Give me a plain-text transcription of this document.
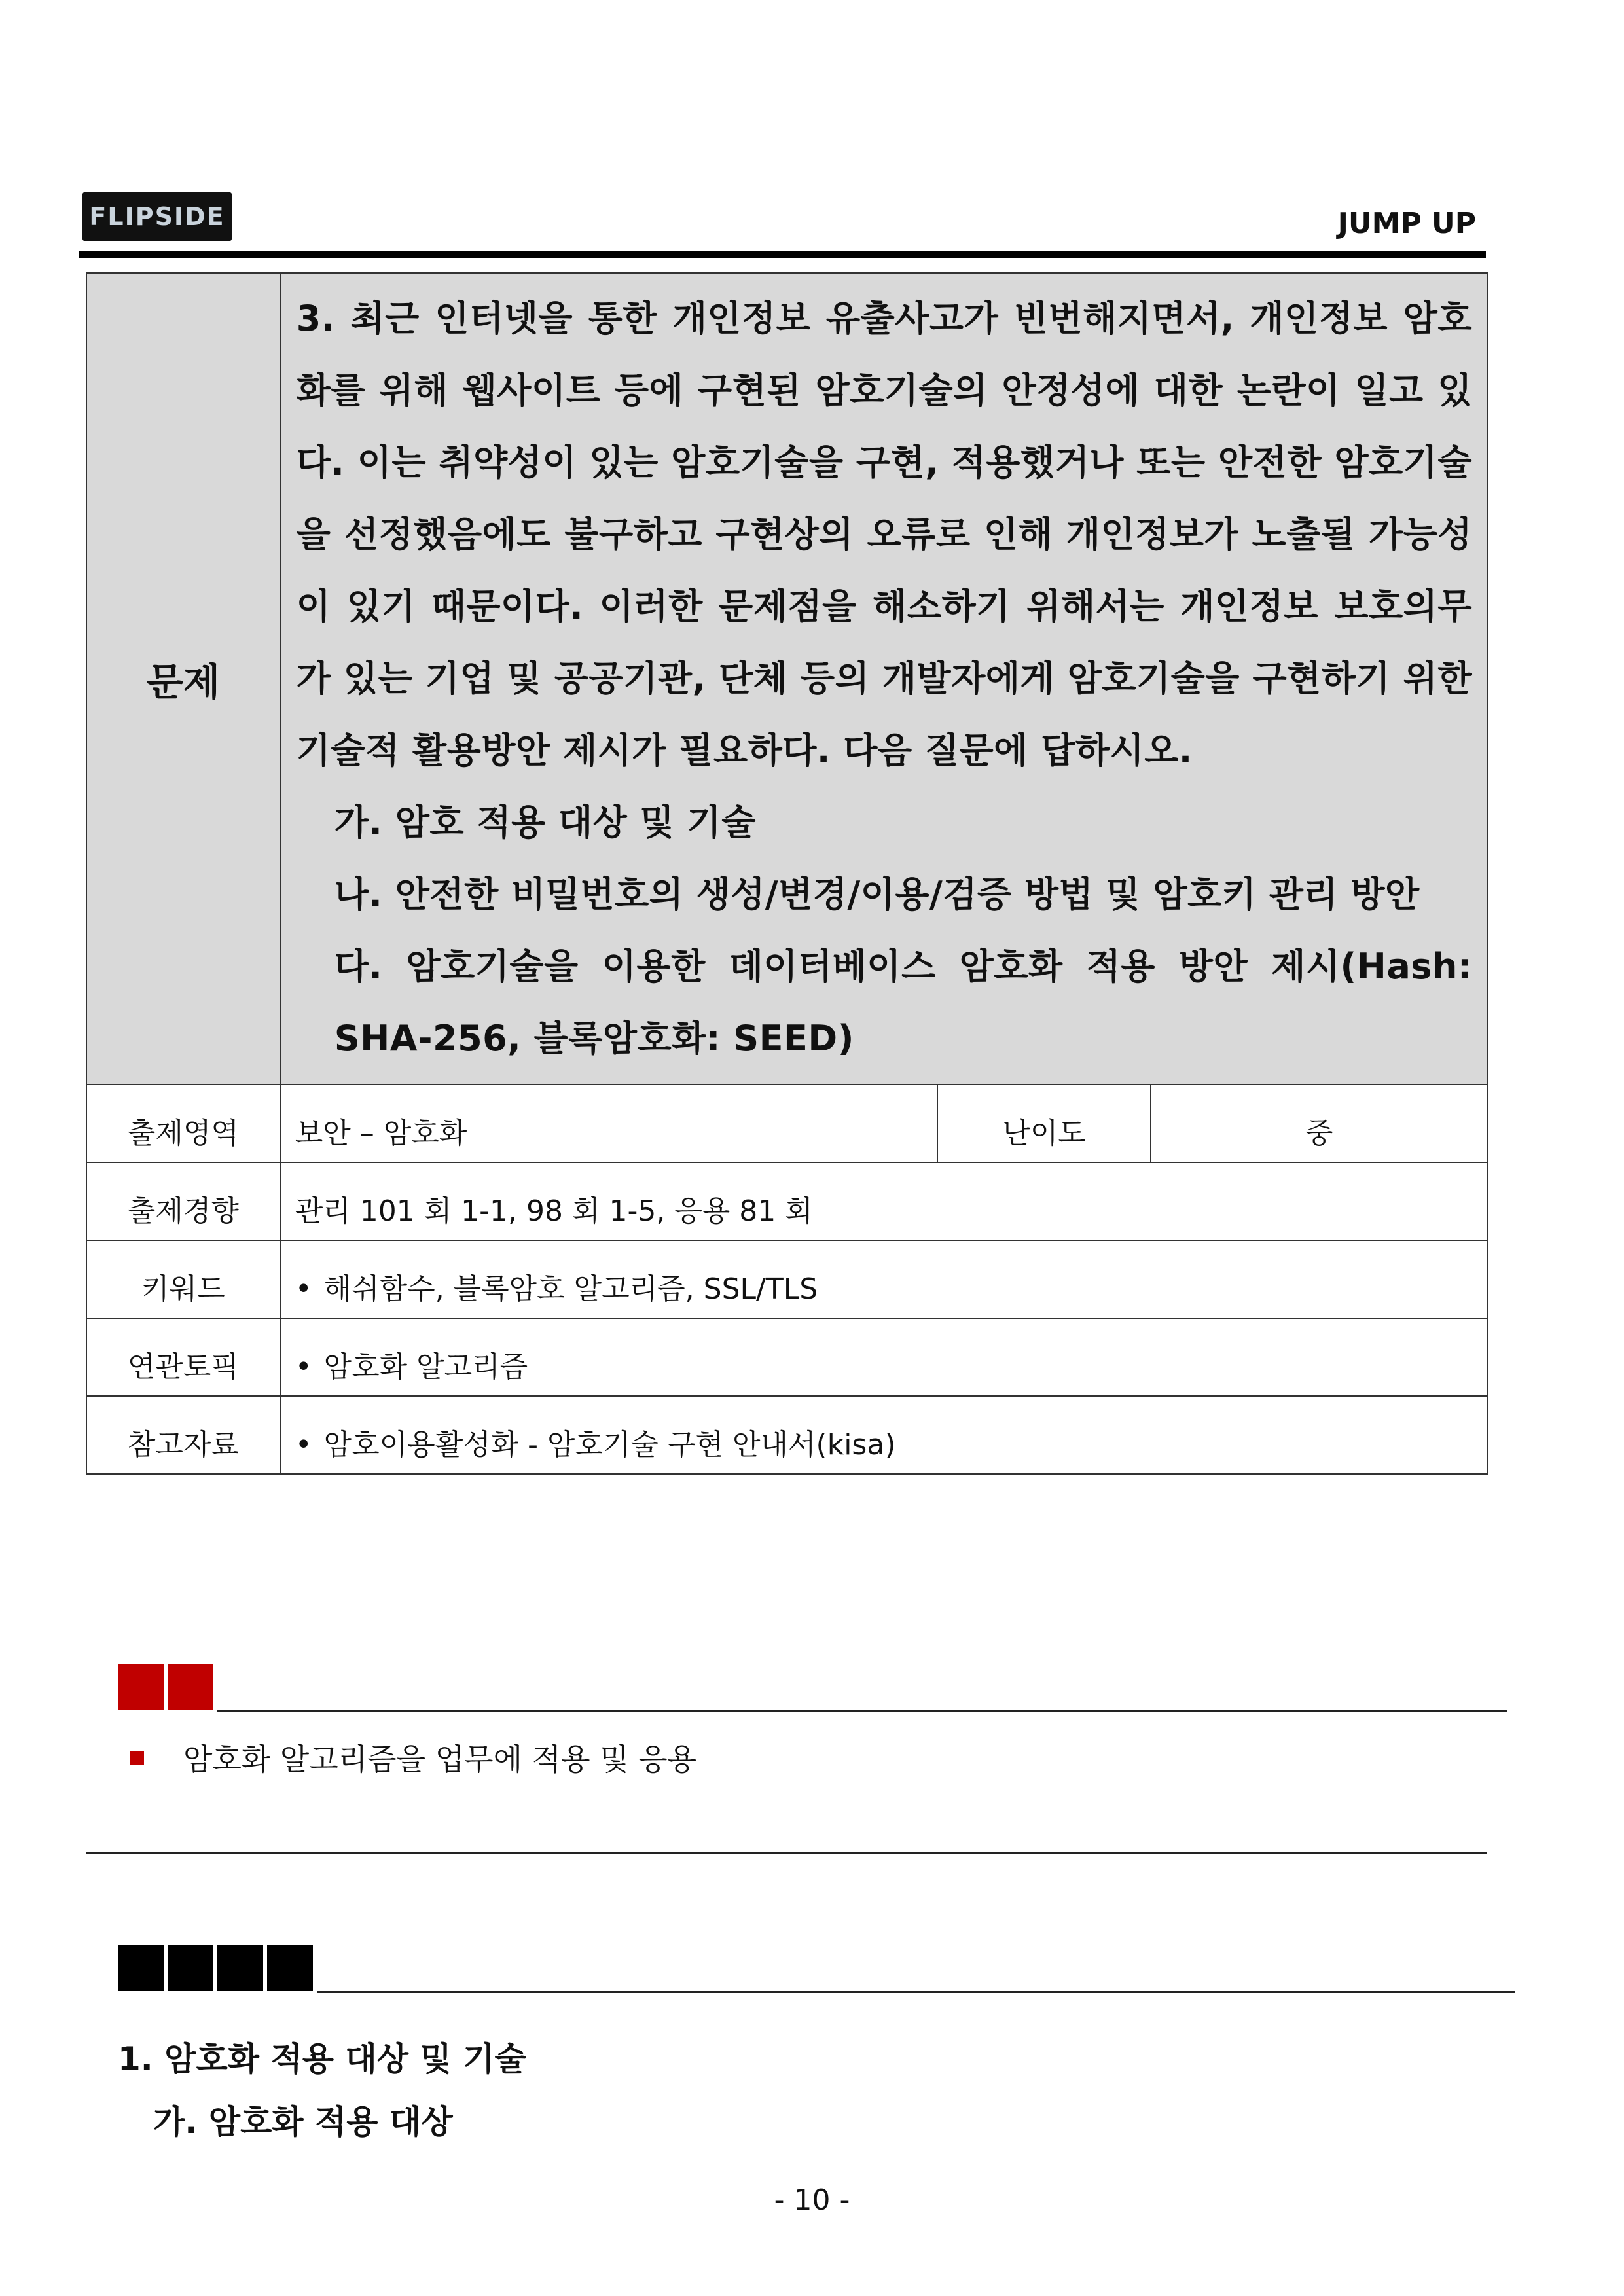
FLIPSIDE	JUMP UP
문제	3. 최근 인터넷을 통한 개인정보 유출사고가 빈번해지면서, 개인정보 암호화를 위해 웹사이트 등에 구현된 암호기술의 안정성에 대한 논란이 일고 있다. 이는 취약성이 있는 암호기술을 구현, 적용했거나 또는 안전한 암호기술을 선정했음에도 불구하고 구현상의 오류로 인해 개인정보가 노출될 가능성이 있기 때문이다. 이러한 문제점을 해소하기 위해서는 개인정보 보호의무가 있는 기업 및 공공기관, 단체 등의 개발자에게 암호기술을 구현하기 위한 기술적 활용방안 제시가 필요하다. 다음 질문에 답하시오.

가. 암호 적용 대상 및 기술

나. 안전한 비밀번호의 생성/변경/이용/검증 방법 및 암호키 관리 방안

다. 암호기술을 이용한 데이터베이스 암호화 적용 방안 제시(Hash: SHA-256, 블록암호화: SEED)		

출제영역	보안 – 암호화	난이도	중

출제경향	관리 101 회 1-1, 98 회 1-5, 응용 81 회		

키워드	• 해쉬함수, 블록암호 알고리즘, SSL/TLS		

연관토픽	• 암호화 알고리즘		

참고자료	• 암호이용활성화 - 암호기술 구현 안내서(kisa)		
암호화 알고리즘을 업무에 적용 및 응용
1. 암호화 적용 대상 및 기술
가. 암호화 적용 대상
- 10 -
